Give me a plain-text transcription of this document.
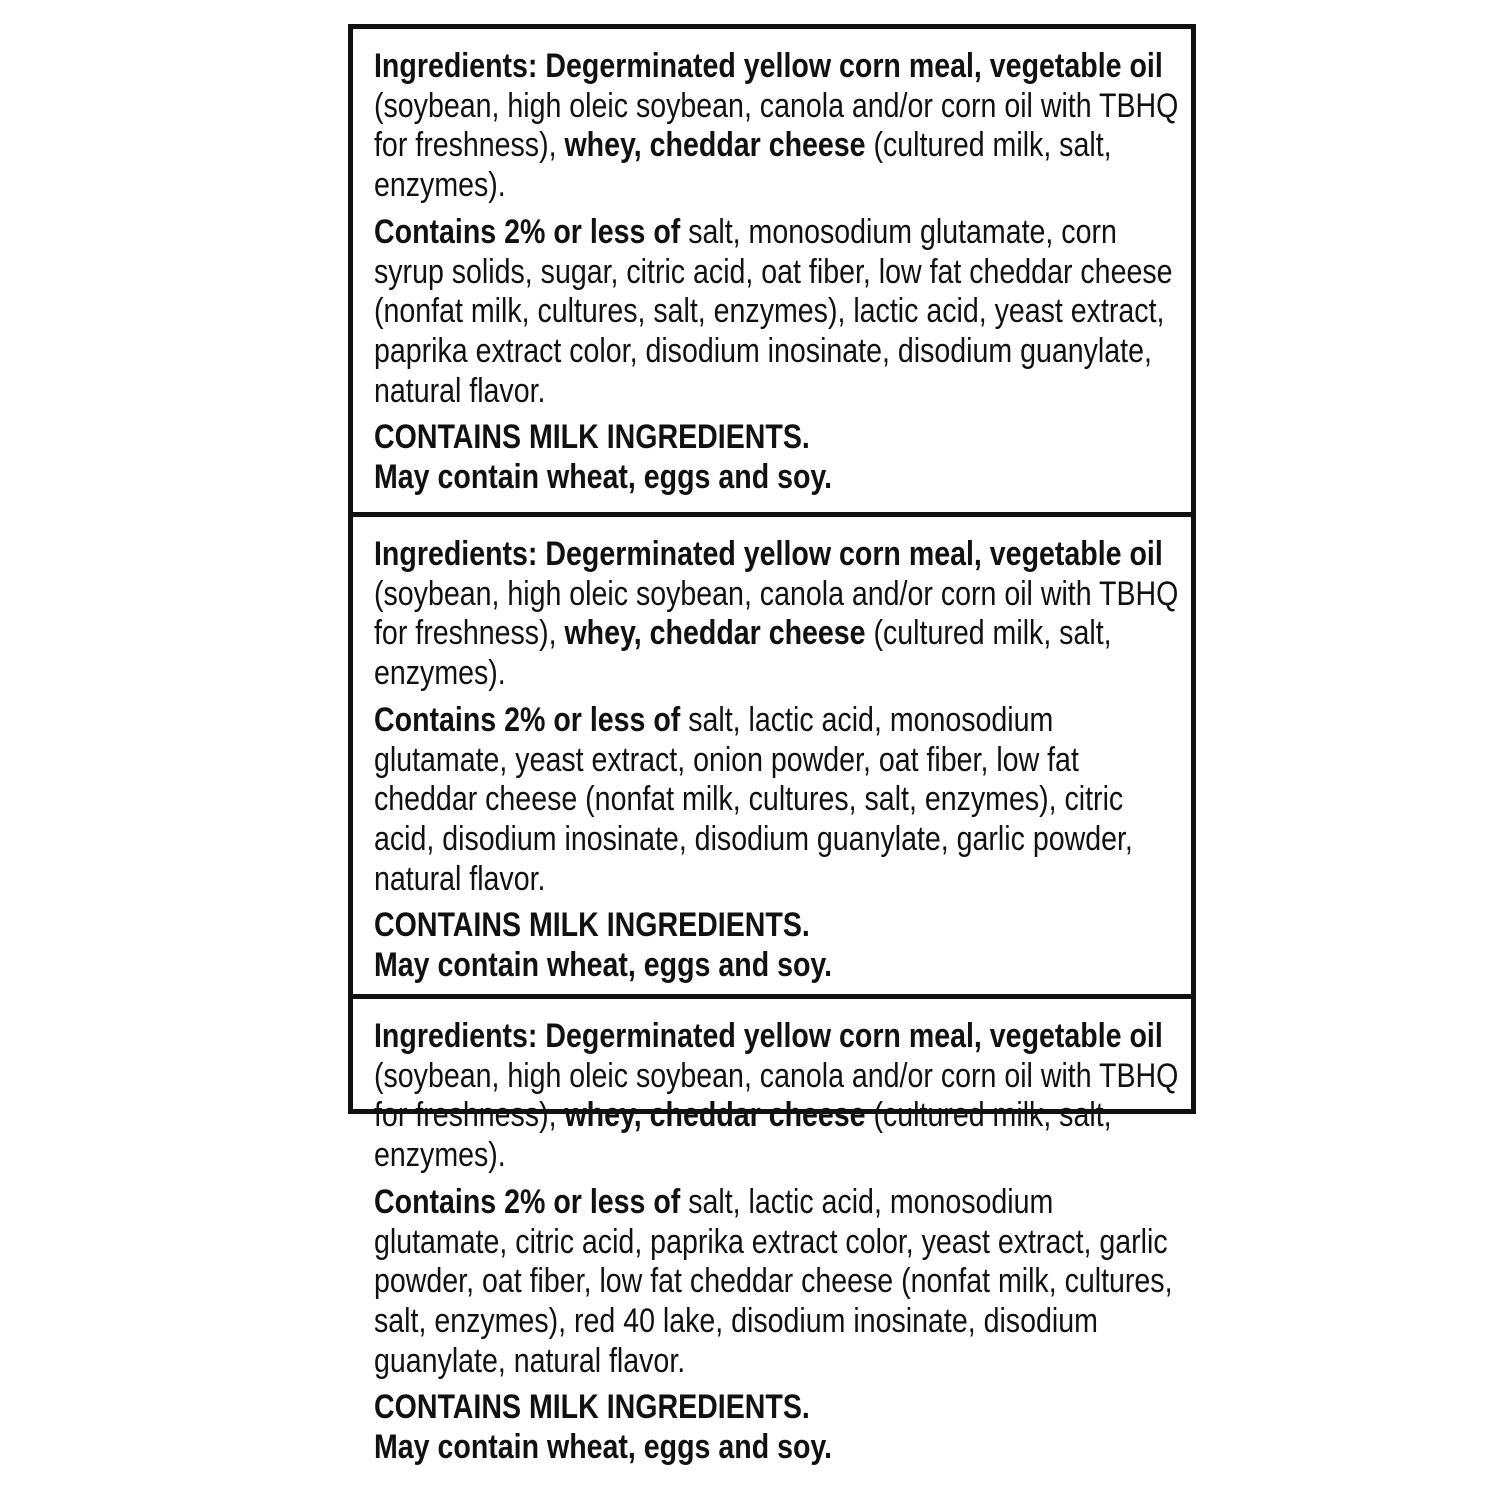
Ingredients: Degerminated yellow corn meal, vegetable oil (soybean, high oleic soybean, canola and/or corn oil with TBHQ for freshness), whey, cheddar cheese (cultured milk, salt, enzymes).

Contains 2% or less of salt, monosodium glutamate, corn syrup solids, sugar, citric acid, oat fiber, low fat cheddar cheese (nonfat milk, cultures, salt, enzymes), lactic acid, yeast extract, paprika extract color, disodium inosinate, disodium guanylate, natural flavor.

CONTAINS MILK INGREDIENTS.
May contain wheat, eggs and soy.

Ingredients: Degerminated yellow corn meal, vegetable oil (soybean, high oleic soybean, canola and/or corn oil with TBHQ for freshness), whey, cheddar cheese (cultured milk, salt, enzymes).

Contains 2% or less of salt, lactic acid, monosodium glutamate, yeast extract, onion powder, oat fiber, low fat cheddar cheese (nonfat milk, cultures, salt, enzymes), citric acid, disodium inosinate, disodium guanylate, garlic powder, natural flavor.

CONTAINS MILK INGREDIENTS.
May contain wheat, eggs and soy.

Ingredients: Degerminated yellow corn meal, vegetable oil (soybean, high oleic soybean, canola and/or corn oil with TBHQ for freshness), whey, cheddar cheese (cultured milk, salt, enzymes).

Contains 2% or less of salt, lactic acid, monosodium glutamate, citric acid, paprika extract color, yeast extract, garlic powder, oat fiber, low fat cheddar cheese (nonfat milk, cultures, salt, enzymes), red 40 lake, disodium inosinate, disodium guanylate, natural flavor.

CONTAINS MILK INGREDIENTS.
May contain wheat, eggs and soy.
